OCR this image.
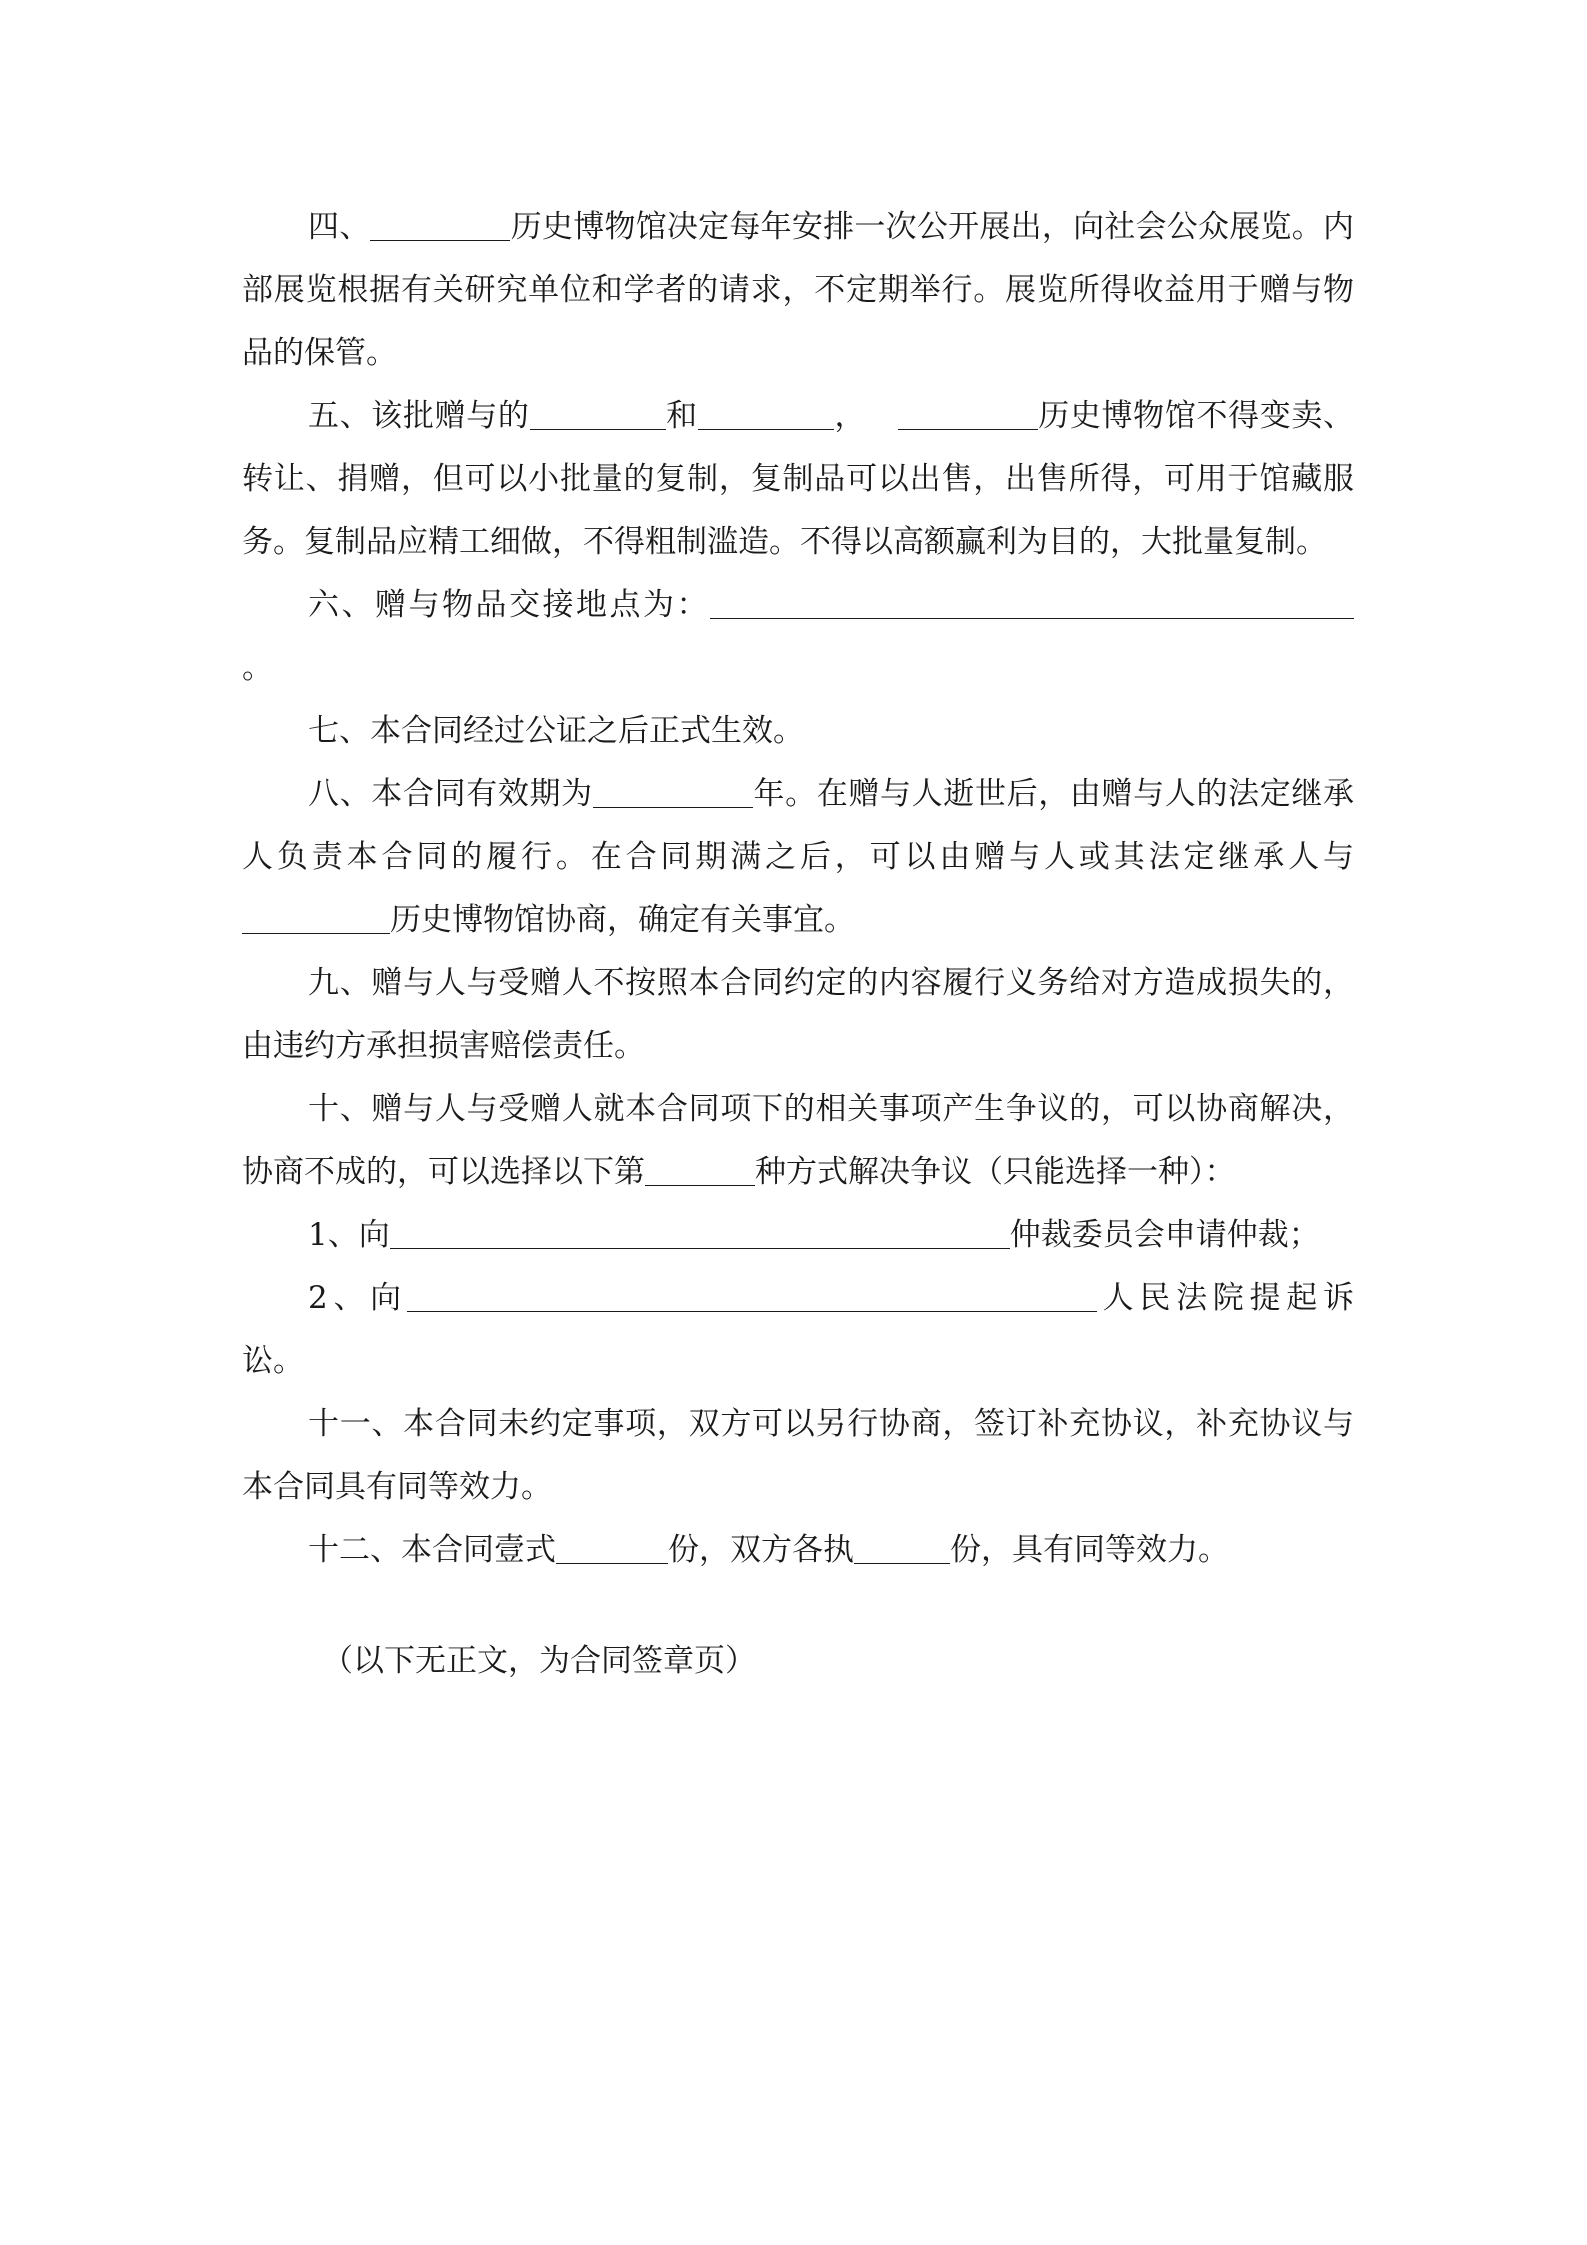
四、	历史博物馆决定每年安排一次公开展出，向社会公众展览。内部展览根据有关研究单位和学者的请求，不定期举行。展览所得收益用于赠与物品的保管。

五、该批赠与的	和	，	历史博物馆不得变卖、转让、捐赠，但可以小批量的复制，复制品可以出售，出售所得，可用于馆藏服务。复制品应精工细做，不得粗制滥造。不得以高额赢利为目的，大批量复制。

六、赠与物品交接地点为：。

七、本合同经过公证之后正式生效。

八、本合同有效期为	年。在赠与人逝世后，由赠与人的法定继承人负责本合同的履行。在合同期满之后，可以由赠与人或其法定继承人与历史博物馆协商，确定有关事宜。

九、赠与人与受赠人不按照本合同约定的内容履行义务给对方造成损失的，由违约方承担损害赔偿责任。

十、赠与人与受赠人就本合同项下的相关事项产生争议的，可以协商解决，协商不成的，可以选择以下第	种方式解决争议（只能选择一种）：

1、向	仲裁委员会申请仲裁；

2、向	人民法院提起诉讼。

十一、本合同未约定事项，双方可以另行协商，签订补充协议，补充协议与本合同具有同等效力。

十二、本合同壹式	份，双方各执	份，具有同等效力。

（以下无正文，为合同签章页）
